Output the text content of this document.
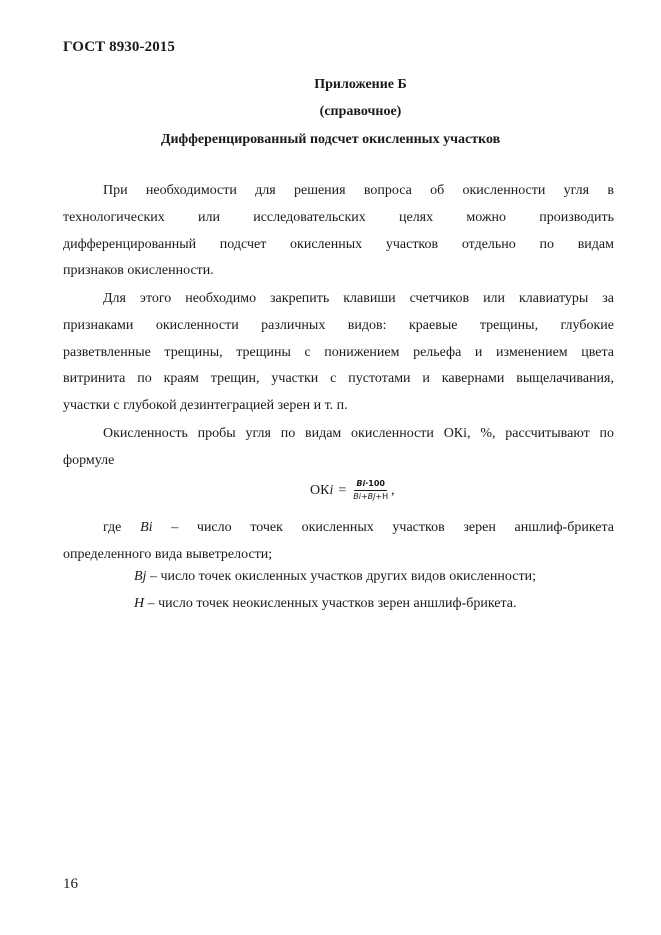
ГОСТ 8930-2015
Приложение Б
(справочное)
Дифференцированный подсчет окисленных участков
При необходимости для решения вопроса об окисленности угля в
технологических или исследовательских целях можно производить
дифференцированный подсчет окисленных участков отдельно по видам
признаков окисленности.
Для этого необходимо закрепить клавиши счетчиков или клавиатуры за
признаками окисленности различных видов: краевые трещины, глубокие
разветвленные трещины, трещины с понижением рельефа и изменением цвета
витринита по краям трещин, участки с пустотами и кавернами выщелачивания,
участки с глубокой дезинтеграцией зерен и т. п.
Окисленность пробы угля по видам окисленности ОКi, %, рассчитывают по
формуле
ОКi = $\frac{Bi\cdot 100}{Bi+Bj+H}$ ,
где Bi – число точек окисленных участков зерен аншлиф-брикета
определенного вида выветрелости;
Bj – число точек окисленных участков других видов окисленности;
H – число точек неокисленных участков зерен аншлиф-брикета.
16
